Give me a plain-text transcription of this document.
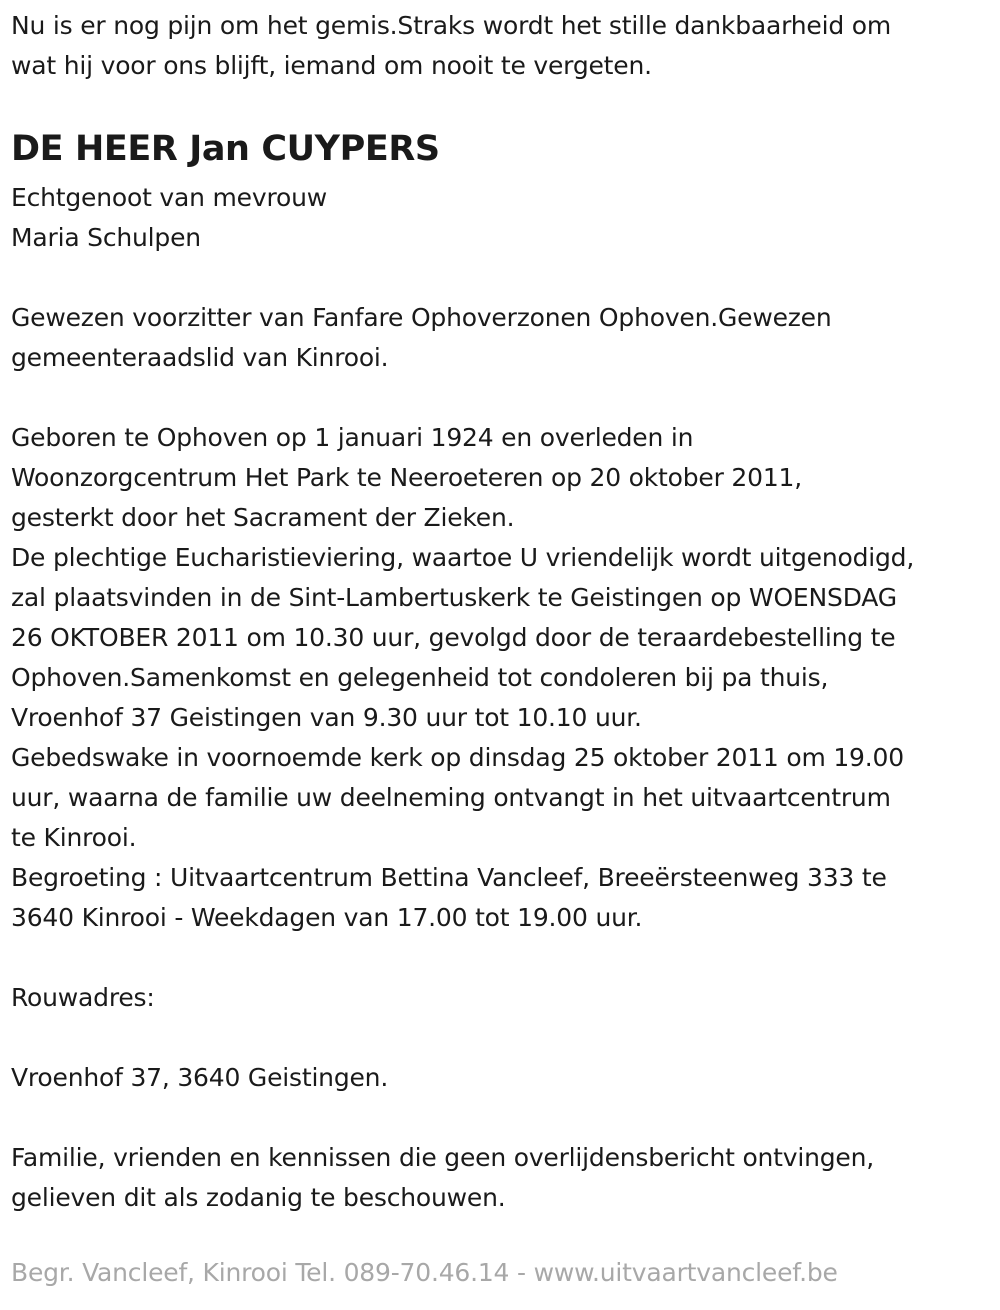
Nu is er nog pijn om het gemis.Straks wordt het stille dankbaarheid om
wat hij voor ons blijft, iemand om nooit te vergeten.
DE HEER Jan CUYPERS
Echtgenoot van mevrouw
Maria Schulpen
Gewezen voorzitter van Fanfare Ophoverzonen Ophoven.Gewezen
gemeenteraadslid van Kinrooi.
Geboren te Ophoven op 1 januari 1924 en overleden in
Woonzorgcentrum Het Park te Neeroeteren op 20 oktober 2011,
gesterkt door het Sacrament der Zieken.
De plechtige Eucharistieviering, waartoe U vriendelijk wordt uitgenodigd,
zal plaatsvinden in de Sint-Lambertuskerk te Geistingen op WOENSDAG
26 OKTOBER 2011 om 10.30 uur, gevolgd door de teraardebestelling te
Ophoven.Samenkomst en gelegenheid tot condoleren bij pa thuis,
Vroenhof 37 Geistingen van 9.30 uur tot 10.10 uur.
Gebedswake in voornoemde kerk op dinsdag 25 oktober 2011 om 19.00
uur, waarna de familie uw deelneming ontvangt in het uitvaartcentrum
te Kinrooi.
Begroeting : Uitvaartcentrum Bettina Vancleef, Breeërsteenweg 333 te
3640 Kinrooi - Weekdagen van 17.00 tot 19.00 uur.
Rouwadres:
Vroenhof 37, 3640 Geistingen.
Familie, vrienden en kennissen die geen overlijdensbericht ontvingen,
gelieven dit als zodanig te beschouwen.
Begr. Vancleef, Kinrooi Tel. 089-70.46.14 - www.uitvaartvancleef.be
